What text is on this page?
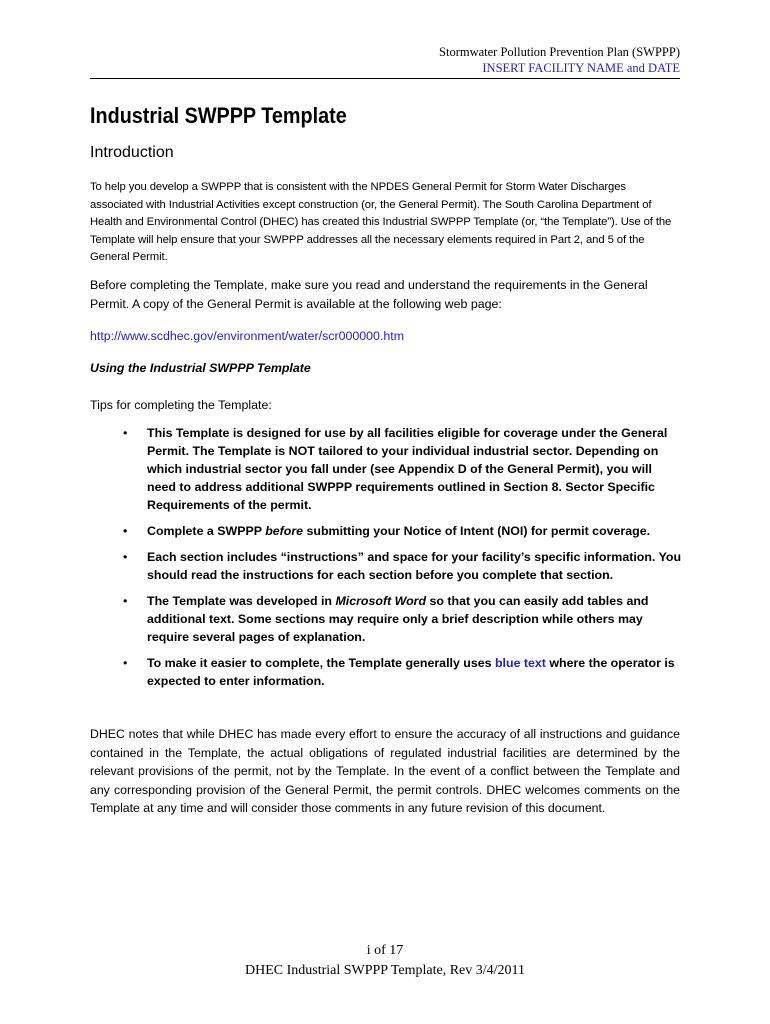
Stormwater Pollution Prevention Plan (SWPPP)
INSERT FACILITY NAME and DATE
Industrial SWPPP Template
Introduction

To help you develop a SWPPP that is consistent with the NPDES General Permit for Storm Water Discharges associated with Industrial Activities except construction (or, the General Permit). The South Carolina Department of Health and Environmental Control (DHEC) has created this Industrial SWPPP Template (or, “the Template”). Use of the Template will help ensure that your SWPPP addresses all the necessary elements required in Part 2, and 5 of the General Permit.

Before completing the Template, make sure you read and understand the requirements in the General Permit. A copy of the General Permit is available at the following web page:

http://www.scdhec.gov/environment/water/scr000000.htm
Using the Industrial SWPPP Template
Tips for completing the Template:
• This Template is designed for use by all facilities eligible for coverage under the General Permit. The Template is NOT tailored to your individual industrial sector. Depending on which industrial sector you fall under (see Appendix D of the General Permit), you will need to address additional SWPPP requirements outlined in Section 8. Sector Specific Requirements of the permit.
• Complete a SWPPP before submitting your Notice of Intent (NOI) for permit coverage.
• Each section includes “instructions” and space for your facility’s specific information. You should read the instructions for each section before you complete that section.
• The Template was developed in Microsoft Word so that you can easily add tables and additional text. Some sections may require only a brief description while others may require several pages of explanation.
• To make it easier to complete, the Template generally uses blue text where the operator is expected to enter information.

DHEC notes that while DHEC has made every effort to ensure the accuracy of all instructions and guidance contained in the Template, the actual obligations of regulated industrial facilities are determined by the relevant provisions of the permit, not by the Template. In the event of a conflict between the Template and any corresponding provision of the General Permit, the permit controls. DHEC welcomes comments on the Template at any time and will consider those comments in any future revision of this document.

i of 17
DHEC Industrial SWPPP Template, Rev 3/4/2011
